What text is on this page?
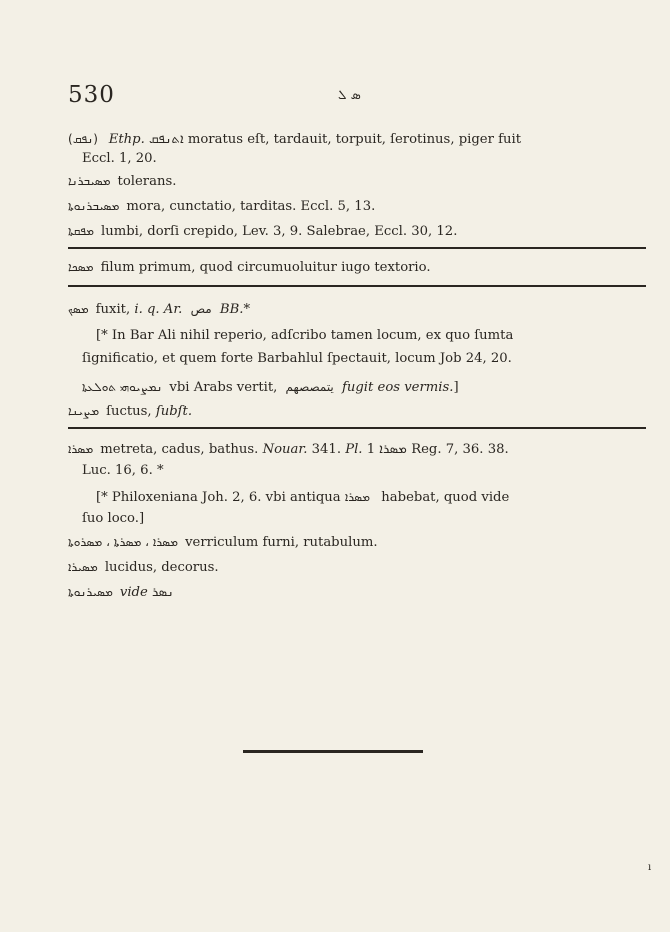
530	ܣ ܠ
(ܢܦܩ) Ethp. ܐܬܢܦܩ moratus eſt, tardauit, torpuit, ſerotinus, piger fuit
Eccl. 1, 20.
ܡܣܝܒܪܢܐ tolerans.
ܡܣܝܒܪܢܘܬܐ mora, cunctatio, tarditas. Eccl. 5, 13.
ܡܦܩܬܐ lumbi, dorſi crepido, Lev. 3, 9. Salebrae, Eccl. 30, 12.
ܡܣܟܐ filum primum, quod circumuoluitur iugo textorio.
ܡܣܟ fuxit, i. q. Ar. مص BB.*
[* In Bar Ali nihil reperio, adſcribo tamen locum, ex quo ſumta
ſignificatio, et quem forte Barbahlul ſpectauit, locum Job 24, 20.
ܢܡܨܝܘܗܝ ܬܘܠܥܬܐ vbi Arabs vertit, يتمصصهم fugit eos vermis.]
ܡܨܝܢܐ ſuctus, ſubſt.
ܡܣܪܐ metreta, cadus, bathus. Nouar. 341. Pl. ܡܣܪܐ 1 Reg. 7, 36. 38.
Luc. 16, 6. *
[* Philoxeniana Joh. 2, 6. vbi antiqua ܡܣܪܐ habebat, quod vide
ſuo loco.]
ܡܣܪܐ ، ܡܣܪܬܐ ، ܡܣܪܘܬܐ verriculum furni, rutabulum.
ܡܣܝܪܐ lucidus, decorus.
ܡܣܝܪܢܘܬܐ vide ܢܣܪ
ı
